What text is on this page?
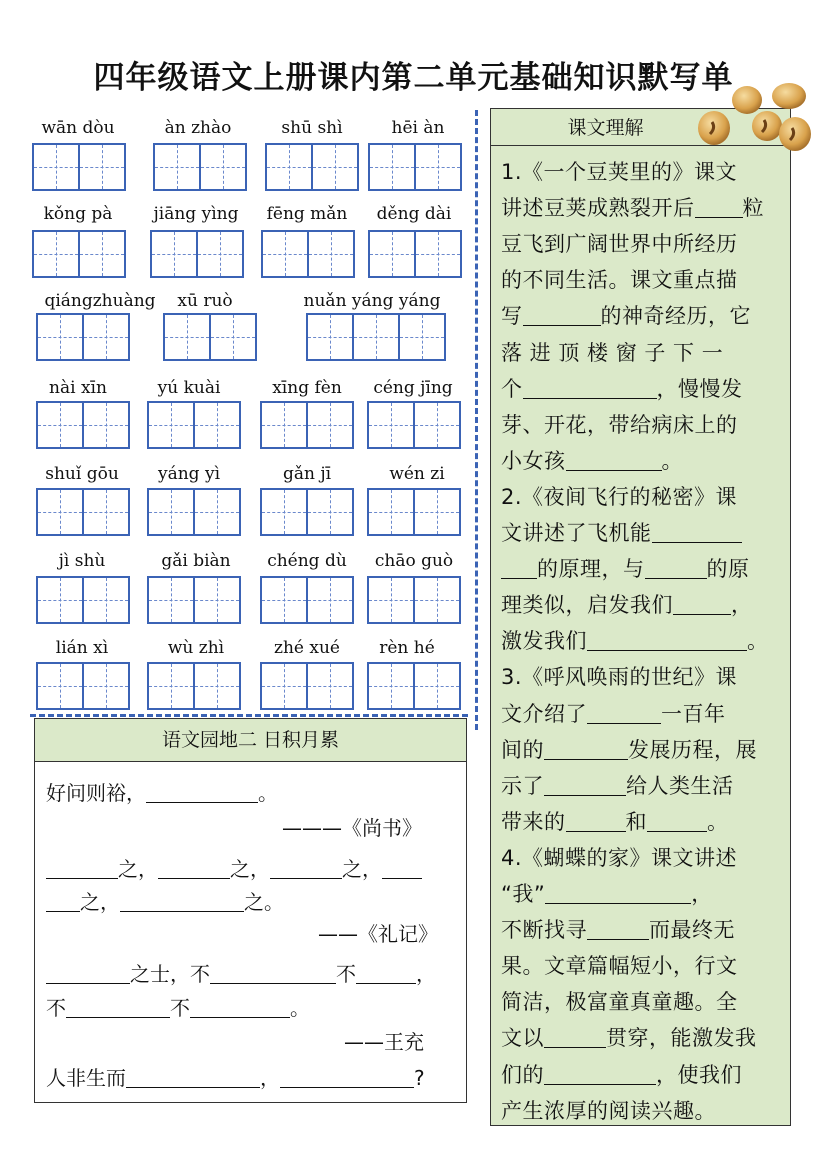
四年级语文上册课内第二单元基础知识默写单
wān dòu	àn zhào	shū shì	hēi àn
kǒng pà	jiāng yìng	fēng mǎn	děng dài
qiángzhuàng	xū ruò	nuǎn yáng yáng
nài xīn	yú kuài	xīng fèn	céng jīng
shuǐ gōu	yáng yì	gǎn jī	wén zi
jì shù	gǎi biàn	chéng dù	chāo guò
lián xì	wù zhì	zhé xué	rèn hé
语文园地二 日积月累
好问则裕，	。
———《尚书》
之，	之，	之，
之，	之。
——《礼记》
之士，不	不	，
不	不	。
——王充
人非生而	，	?
课文理解
1.《一个豆荚里的》课文
讲述豆荚成熟裂开后 粒
豆飞到广阔世界中所经历
的不同生活。课文重点描
写	的神奇经历，它
落 进 顶 楼 窗 子 下 一
个	，慢慢发
芽、开花，带给病床上的
小女孩	。
2.《夜间飞行的秘密》课
文讲述了飞机能
的原理，与	的原
理类似，启发我们	，
激发我们	。
3.《呼风唤雨的世纪》课
文介绍了	一百年
间的	发展历程，展
示了	给人类生活
带来的	和	。
4.《蝴蝶的家》课文讲述
“我”	，
不断找寻	而最终无
果。文章篇幅短小，行文
简洁，极富童真童趣。全
文以	贯穿，能激发我
们的	，使我们
产生浓厚的阅读兴趣。
